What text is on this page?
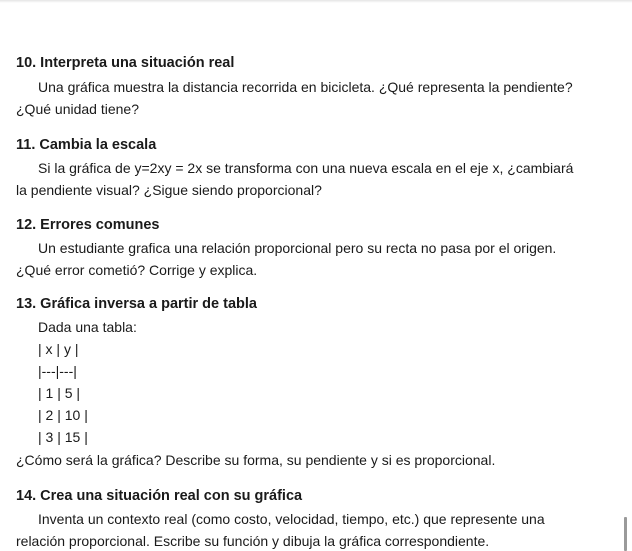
10. Interpreta una situación real
Una gráfica muestra la distancia recorrida en bicicleta. ¿Qué representa la pendiente?
¿Qué unidad tiene?
11. Cambia la escala
Si la gráfica de y=2xy = 2x se transforma con una nueva escala en el eje x, ¿cambiará
la pendiente visual? ¿Sigue siendo proporcional?
12. Errores comunes
Un estudiante grafica una relación proporcional pero su recta no pasa por el origen.
¿Qué error cometió? Corrige y explica.
13. Gráfica inversa a partir de tabla
Dada una tabla:
| x | y |
|---|---|
| 1 | 5 |
| 2 | 10 |
| 3 | 15 |
¿Cómo será la gráfica? Describe su forma, su pendiente y si es proporcional.
14. Crea una situación real con su gráfica
Inventa un contexto real (como costo, velocidad, tiempo, etc.) que represente una
relación proporcional. Escribe su función y dibuja la gráfica correspondiente.
